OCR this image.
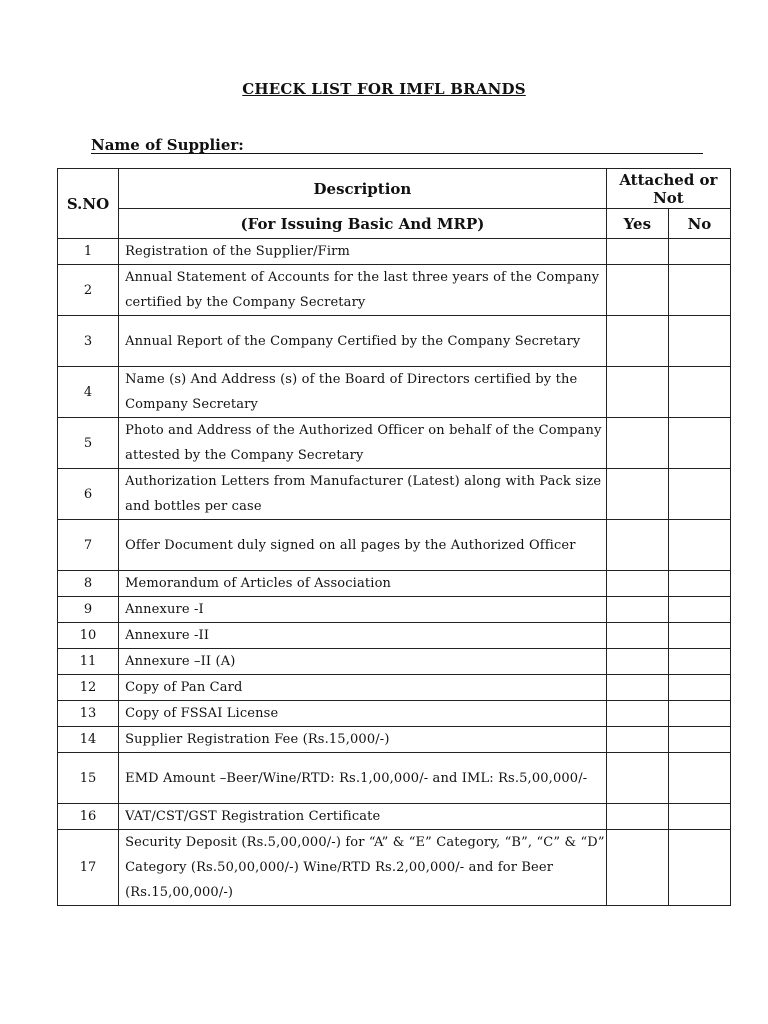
CHECK LIST FOR IMFL BRANDS
Name of Supplier:
S.NO	Description	Attached or Not	
	(For Issuing Basic And MRP)	Yes	No
1	Registration of the Supplier/Firm		
2	Annual Statement of Accounts for the last three years of the Company certified by the Company Secretary		
3	Annual Report of the Company Certified by the Company Secretary		
4	Name (s) And Address (s) of the Board of Directors certified by the Company Secretary		
5	Photo and Address of the Authorized Officer on behalf of the Company attested by the Company Secretary		
6	Authorization Letters from Manufacturer (Latest) along with Pack size and bottles per case		
7	Offer Document duly signed on all pages by the Authorized Officer		
8	Memorandum of Articles of Association		
9	Annexure -I		
10	Annexure -II		
11	Annexure –II (A)		
12	Copy of Pan Card		
13	Copy of FSSAI License		
14	Supplier Registration Fee (Rs.15,000/-)		
15	EMD Amount –Beer/Wine/RTD: Rs.1,00,000/- and IML: Rs.5,00,000/-		
16	VAT/CST/GST Registration Certificate		
17	Security Deposit (Rs.5,00,000/-) for “A” & “E” Category, “B”, “C” & “D” Category (Rs.50,00,000/-) Wine/RTD Rs.2,00,000/- and for Beer (Rs.15,00,000/-)		
